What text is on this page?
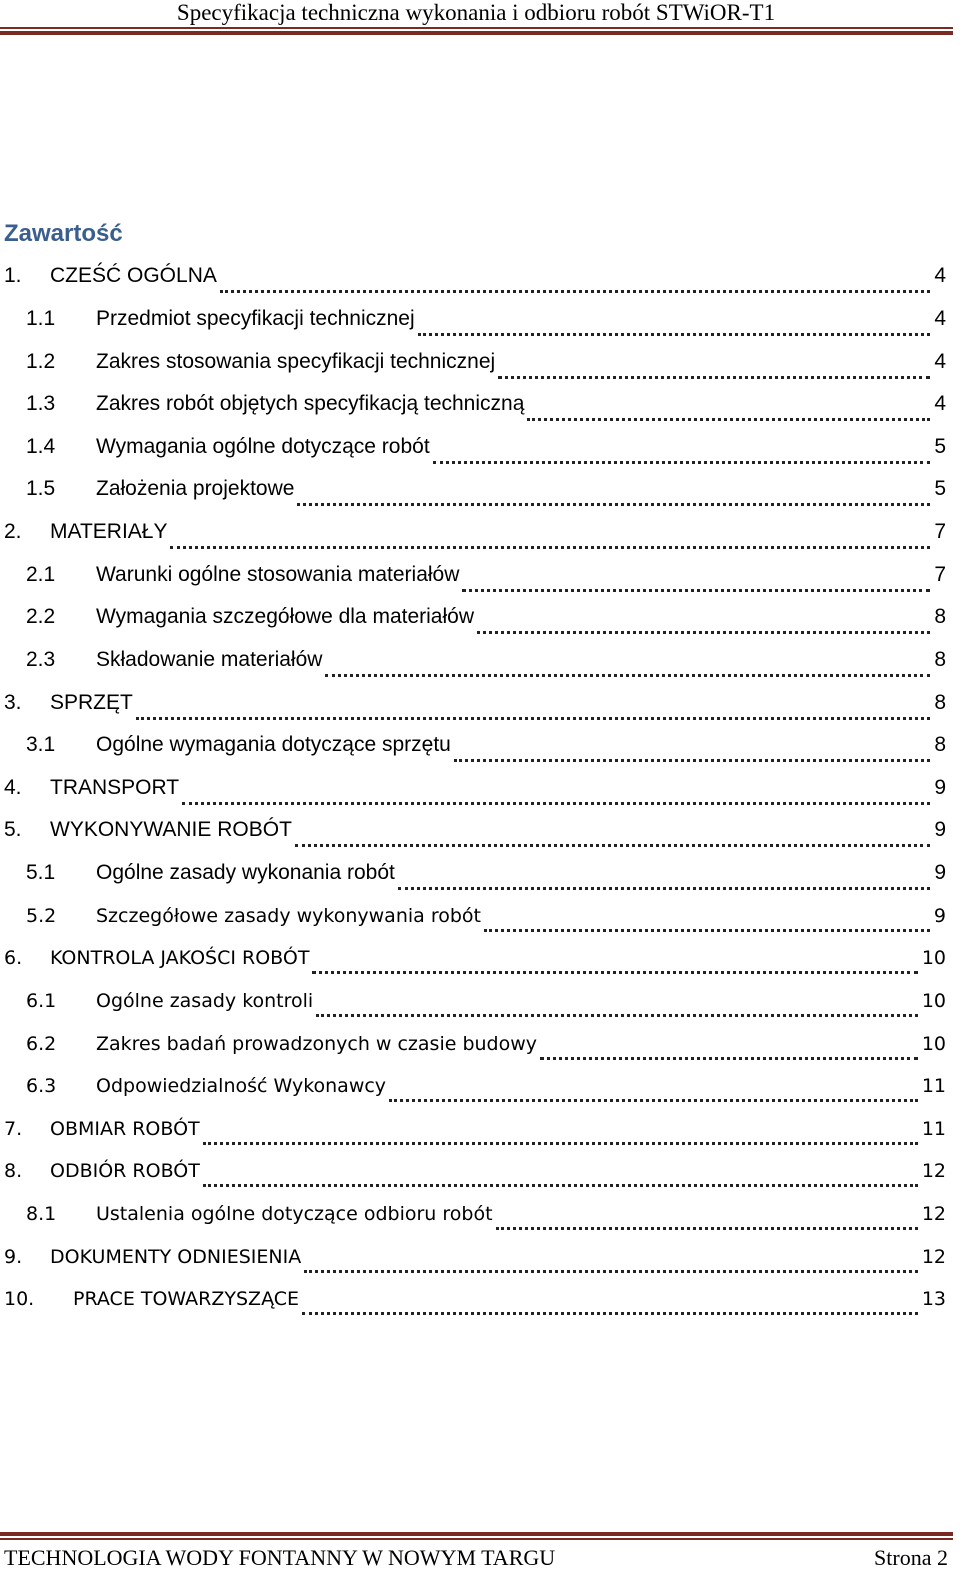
Specyfikacja techniczna wykonania i odbioru robót STWiOR-T1
Zawartość
1.	CZEŚĆ OGÓLNA	4
1.1	Przedmiot specyfikacji technicznej	4
1.2	Zakres stosowania specyfikacji technicznej	4
1.3	Zakres robót objętych specyfikacją techniczną	4
1.4	Wymagania ogólne dotyczące robót	5
1.5	Założenia projektowe	5
2.	MATERIAŁY	7
2.1	Warunki ogólne stosowania materiałów	7
2.2	Wymagania szczegółowe dla materiałów	8
2.3	Składowanie materiałów	8
3.	SPRZĘT	8
3.1	Ogólne wymagania dotyczące sprzętu	8
4.	TRANSPORT	9
5.	WYKONYWANIE ROBÓT	9
5.1	Ogólne zasady wykonania robót	9
5.2	Szczegółowe zasady wykonywania robót	9
6.	KONTROLA JAKOŚCI ROBÓT	10
6.1	Ogólne zasady kontroli	10
6.2	Zakres badań prowadzonych w czasie budowy	10
6.3	Odpowiedzialność Wykonawcy	11
7.	OBMIAR ROBÓT	11
8.	ODBIÓR ROBÓT	12
8.1	Ustalenia ogólne dotyczące odbioru robót	12
9.	DOKUMENTY ODNIESIENIA	12
10.	PRACE TOWARZYSZĄCE	13
TECHNOLOGIA WODY FONTANNY W NOWYM TARGU	Strona 2
